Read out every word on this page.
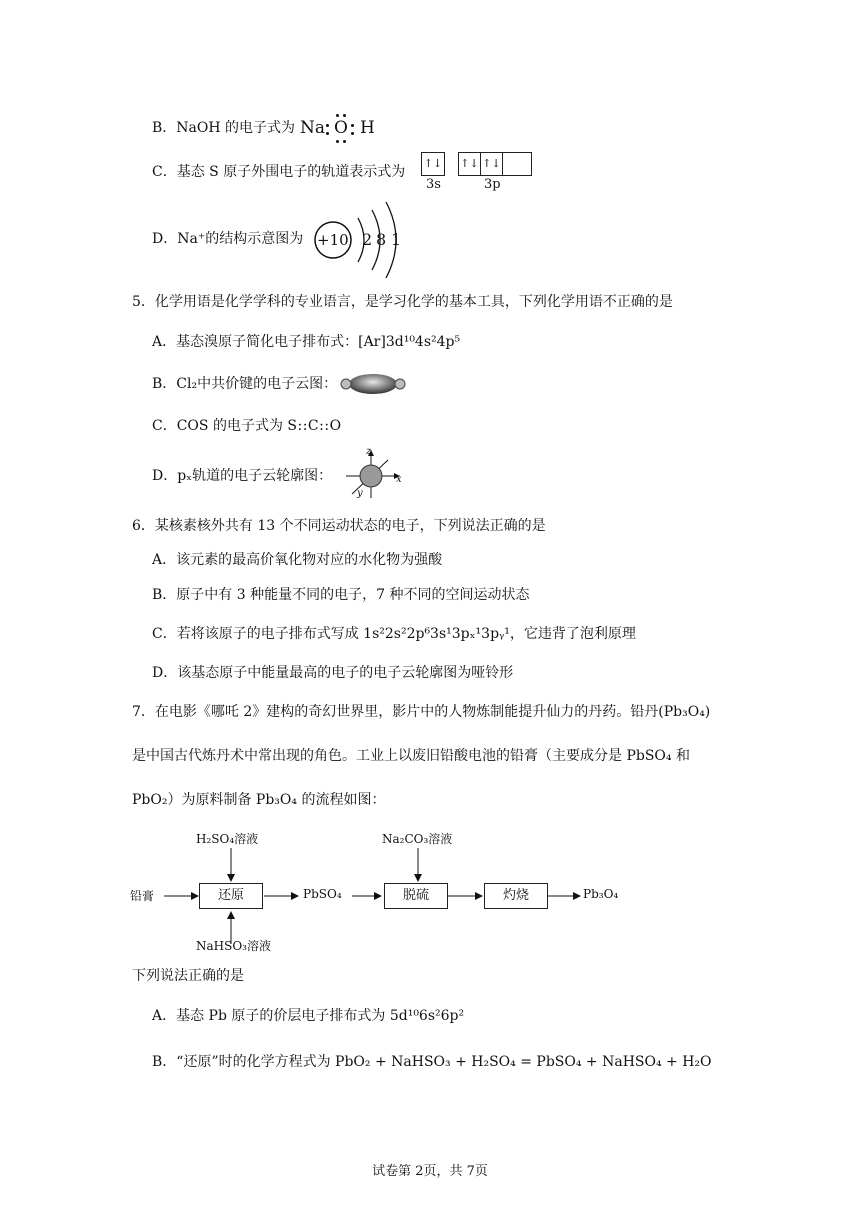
B．NaOH 的电子式为 Na O H
C．基态 S 原子外围电子的轨道表示式为
↑↓ ↑↓ ↑↓
3s	3p
D．Na⁺的结构示意图为 +10 2 8 1
5．化学用语是化学学科的专业语言，是学习化学的基本工具，下列化学用语不正确的是
A．基态溴原子简化电子排布式：[Ar]3d¹⁰4s²4p⁵
B．Cl₂中共价键的电子云图：
C．COS 的电子式为 S::C::O
D．pₓ轨道的电子云轮廓图：
z
x
y
6．某核素核外共有 13 个不同运动状态的电子，下列说法正确的是
A．该元素的最高价氧化物对应的水化物为强酸
B．原子中有 3 种能量不同的电子，7 种不同的空间运动状态
C．若将该原子的电子排布式写成 1s²2s²2p⁶3s¹3pₓ¹3pᵧ¹，它违背了泡利原理
D．该基态原子中能量最高的电子的电子云轮廓图为哑铃形
7．在电影《哪吒 2》建构的奇幻世界里，影片中的人物炼制能提升仙力的丹药。铅丹(Pb₃O₄)
是中国古代炼丹术中常出现的角色。工业上以废旧铅酸电池的铅膏（主要成分是 PbSO₄ 和
PbO₂）为原料制备 Pb₃O₄ 的流程如图：
铅膏	还原
H₂SO₄溶液
NaHSO₃溶液
PbSO₄	脱硫
Na₂CO₃溶液
灼烧	Pb₃O₄
下列说法正确的是
A．基态 Pb 原子的价层电子排布式为 5d¹⁰6s²6p²
B．“还原”时的化学方程式为 PbO₂ + NaHSO₃ + H₂SO₄ = PbSO₄ + NaHSO₄ + H₂O
试卷第 2页，共 7页
